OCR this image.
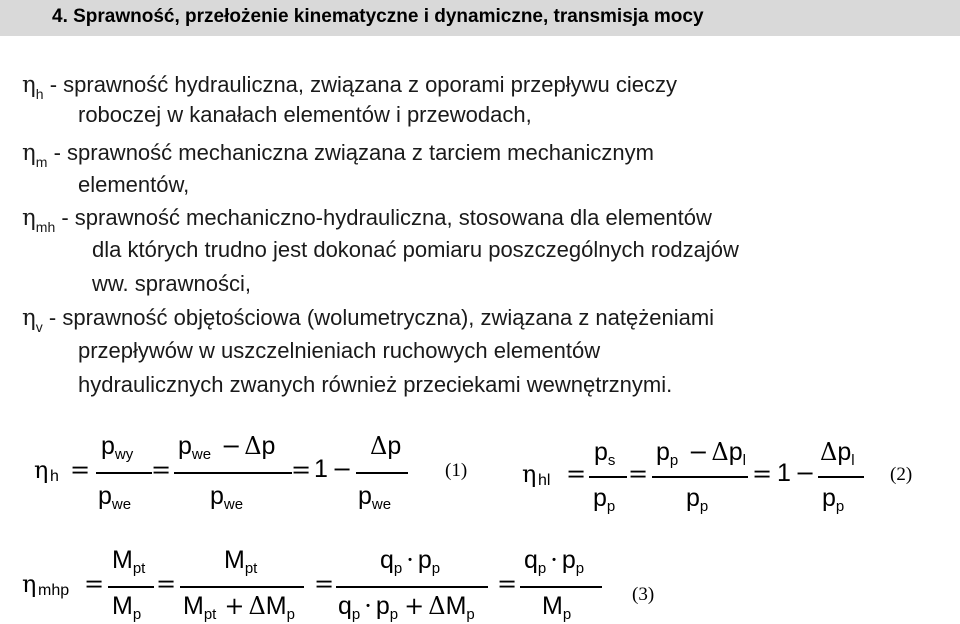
4. Sprawność, przełożenie kinematyczne i dynamiczne, transmisja mocy
$\eta_h$ - sprawność hydrauliczna, związana z oporami przepływu cieczy
roboczej w kanałach elementów i przewodach,
$\eta_m$ - sprawność mechaniczna związana z tarciem mechanicznym
elementów,
$\eta_{mh}$ - sprawność mechaniczno-hydrauliczna, stosowana dla elementów
dla których trudno jest dokonać pomiaru poszczególnych rodzajów
ww. sprawności,
$\eta_v$ - sprawność objętościowa (wolumetryczna), związana z natężeniami
przepływów w uszczelnieniach ruchowych elementów
hydraulicznych zwanych również przeciekami wewnętrznymi.
η h =
$p_{wy}$
$p_{we}$
=
$p_{we} - \Delta p$
$p_{we}$
= 1 −
Δp
$p_{we}$
(1) η hl =
$p_s$
$p_p$
=
$p_p - \Delta p_l$
$p_p$
= 1 −
$\Delta p_l$
$p_p$
(2)
η mhp =
$M_{pt}$
$M_p$
=
$M_{pt}$
$M_{pt} + \Delta M_p$
=
$q_p \cdot p_p$
$q_p \cdot p_p + \Delta M_p$
=
$q_p \cdot p_p$
$M_p$
(3)
